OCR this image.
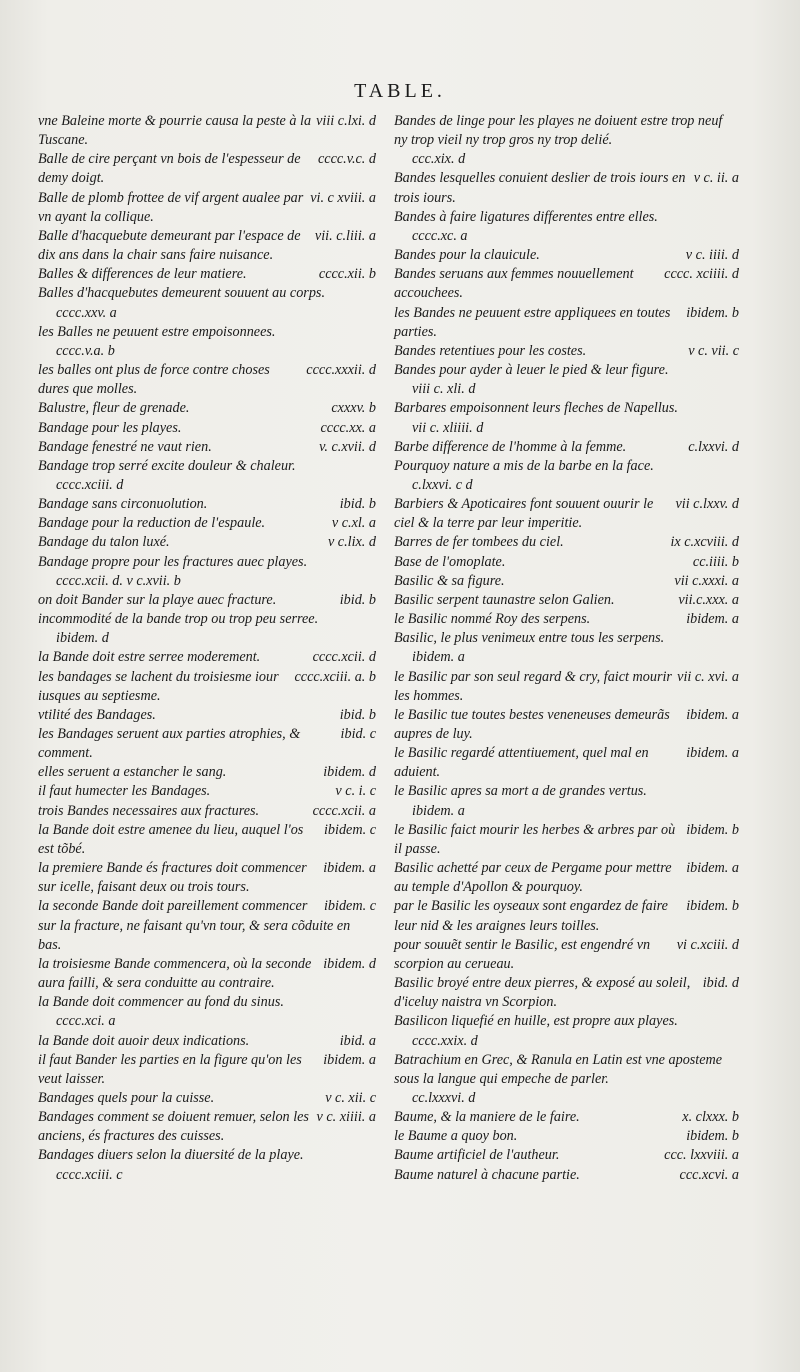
TABLE.
viii c.lxi. d
vne Baleine morte & pourrie causa la peste à la Tuscane.
cccc.v.c. d
Balle de cire perçant vn bois de l'espesseur de demy doigt.
vi. c xviii. a
Balle de plomb frottee de vif argent aualee par vn ayant la collique.
vii. c.liii. a
Balle d'hacquebute demeurant par l'espace de dix ans dans la chair sans faire nuisance.
cccc.xii. b
Balles & differences de leur matiere.
Balles d'hacquebutes demeurent souuent au corps.
cccc.xxv. a
les Balles ne peuuent estre empoisonnees.
cccc.v.a. b
cccc.xxxii. d
les balles ont plus de force contre choses dures que molles.
cxxxv. b
Balustre, fleur de grenade.
cccc.xx. a
Bandage pour les playes.
v. c.xvii. d
Bandage fenestré ne vaut rien.
Bandage trop serré excite douleur & chaleur.
cccc.xciii. d
ibid. b
Bandage sans circonuolution.
v c.xl. a
Bandage pour la reduction de l'espaule.
v c.lix. d
Bandage du talon luxé.
Bandage propre pour les fractures auec playes.
cccc.xcii. d. v c.xvii. b
ibid. b
on doit Bander sur la playe auec fracture.
incommodité de la bande trop ou trop peu serree.
ibidem. d
cccc.xcii. d
la Bande doit estre serree moderement.
cccc.xciii. a. b
les bandages se lachent du troisiesme iour iusques au septiesme.
ibid. b
vtilité des Bandages.
ibid. c
les Bandages seruent aux parties atrophies, & comment.
ibidem. d
elles seruent a estancher le sang.
v c. i. c
il faut humecter les Bandages.
cccc.xcii. a
trois Bandes necessaires aux fractures.
ibidem. c
la Bande doit estre amenee du lieu, auquel l'os est tõbé.
ibidem. a
la premiere Bande és fractures doit commencer sur icelle, faisant deux ou trois tours.
ibidem. c
la seconde Bande doit pareillement commencer sur la fracture, ne faisant qu'vn tour, & sera cõduite en bas.
ibidem. d
la troisiesme Bande commencera, où la seconde aura failli, & sera conduitte au contraire.
la Bande doit commencer au fond du sinus.
cccc.xci. a
ibid. a
la Bande doit auoir deux indications.
ibidem. a
il faut Bander les parties en la figure qu'on les veut laisser.
v c. xii. c
Bandages quels pour la cuisse.
v c. xiiii. a
Bandages comment se doiuent remuer, selon les anciens, és fractures des cuisses.
Bandages diuers selon la diuersité de la playe.
cccc.xciii. c
Bandes de linge pour les playes ne doiuent estre trop neuf ny trop vieil ny trop gros ny trop delié.
ccc.xix. d
v c. ii. a
Bandes lesquelles conuient deslier de trois iours en trois iours.
Bandes à faire ligatures differentes entre elles.
cccc.xc. a
v c. iiii. d
Bandes pour la clauicule.
cccc. xciiii. d
Bandes seruans aux femmes nouuellement accouchees.
ibidem. b
les Bandes ne peuuent estre appliquees en toutes parties.
v c. vii. c
Bandes retentiues pour les costes.
Bandes pour ayder à leuer le pied & leur figure.
viii c. xli. d
Barbares empoisonnent leurs fleches de Napellus.
vii c. xliiii. d
c.lxxvi. d
Barbe difference de l'homme à la femme.
Pourquoy nature a mis de la barbe en la face.
c.lxxvi. c d
vii c.lxxv. d
Barbiers & Apoticaires font souuent ouurir le ciel & la terre par leur imperitie.
ix c.xcviii. d
Barres de fer tombees du ciel.
cc.iiii. b
Base de l'omoplate.
vii c.xxxi. a
Basilic & sa figure.
vii.c.xxx. a
Basilic serpent taunastre selon Galien.
ibidem. a
le Basilic nommé Roy des serpens.
Basilic, le plus venimeux entre tous les serpens.
ibidem. a
vii c. xvi. a
le Basilic par son seul regard & cry, faict mourir les hommes.
ibidem. a
le Basilic tue toutes bestes veneneuses demeurãs aupres de luy.
ibidem. a
le Basilic regardé attentiuement, quel mal en aduient.
le Basilic apres sa mort a de grandes vertus.
ibidem. a
ibidem. b
le Basilic faict mourir les herbes & arbres par où il passe.
ibidem. a
Basilic achetté par ceux de Pergame pour mettre au temple d'Apollon & pourquoy.
ibidem. b
par le Basilic les oyseaux sont engardez de faire leur nid & les araignes leurs toilles.
vi c.xciii. d
pour souuẽt sentir le Basilic, est engendré vn scorpion au cerueau.
ibid. d
Basilic broyé entre deux pierres, & exposé au soleil, d'iceluy naistra vn Scorpion.
Basilicon liquefié en huille, est propre aux playes.
cccc.xxix. d
Batrachium en Grec, & Ranula en Latin est vne aposteme sous la langue qui empeche de parler.
cc.lxxxvi. d
x. clxxx. b
Baume, & la maniere de le faire.
ibidem. b
le Baume a quoy bon.
ccc. lxxviii. a
Baume artificiel de l'autheur.
ccc.xcvi. a
Baume naturel à chacune partie.
